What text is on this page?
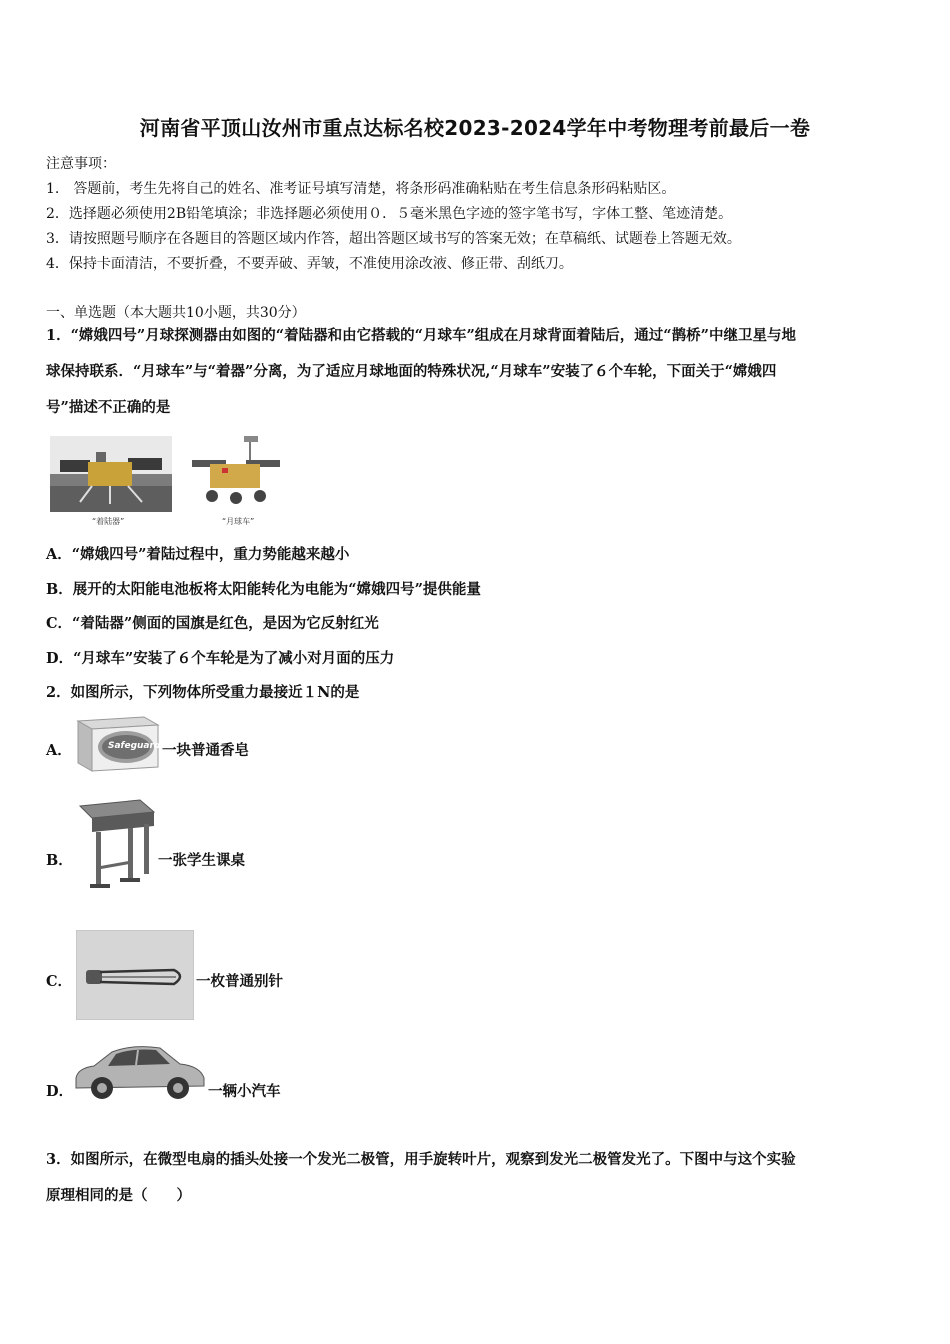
河南省平顶山汝州市重点达标名校2023-2024学年中考物理考前最后一卷
注意事项：
1.　答题前，考生先将自己的姓名、准考证号填写清楚，将条形码准确粘贴在考生信息条形码粘贴区。
2．选择题必须使用2B铅笔填涂；非选择题必须使用０．５毫米黑色字迹的签字笔书写，字体工整、笔迹清楚。
3．请按照题号顺序在各题目的答题区域内作答，超出答题区域书写的答案无效；在草稿纸、试题卷上答题无效。
4．保持卡面清洁，不要折叠，不要弄破、弄皱，不准使用涂改液、修正带、刮纸刀。
一、单选题（本大题共10小题，共30分）
1．“嫦娥四号”月球探测器由如图的“着陆器和由它搭载的“月球车”组成在月球背面着陆后，通过“鹊桥”中继卫星与地
球保持联系．“月球车”与“着器”分离，为了适应月球地面的特殊状况,“月球车”安装了６个车轮，下面关于“嫦娥四
号”描述不正确的是
“着陆器”	“月球车”
A．“嫦娥四号”着陆过程中，重力势能越来越小
B．展开的太阳能电池板将太阳能转化为电能为“嫦娥四号”提供能量
C．“着陆器”侧面的国旗是红色，是因为它反射红光
D．“月球车”安装了６个车轮是为了减小对月面的压力
2．如图所示，下列物体所受重力最接近１N的是
A．	Safeguard 一块普通香皂
B．	一张学生课桌
C．	一枚普通别针
D．	一辆小汽车
3．如图所示，在微型电扇的插头处接一个发光二极管，用手旋转叶片，观察到发光二极管发光了。下图中与这个实验
原理相同的是（　　）
